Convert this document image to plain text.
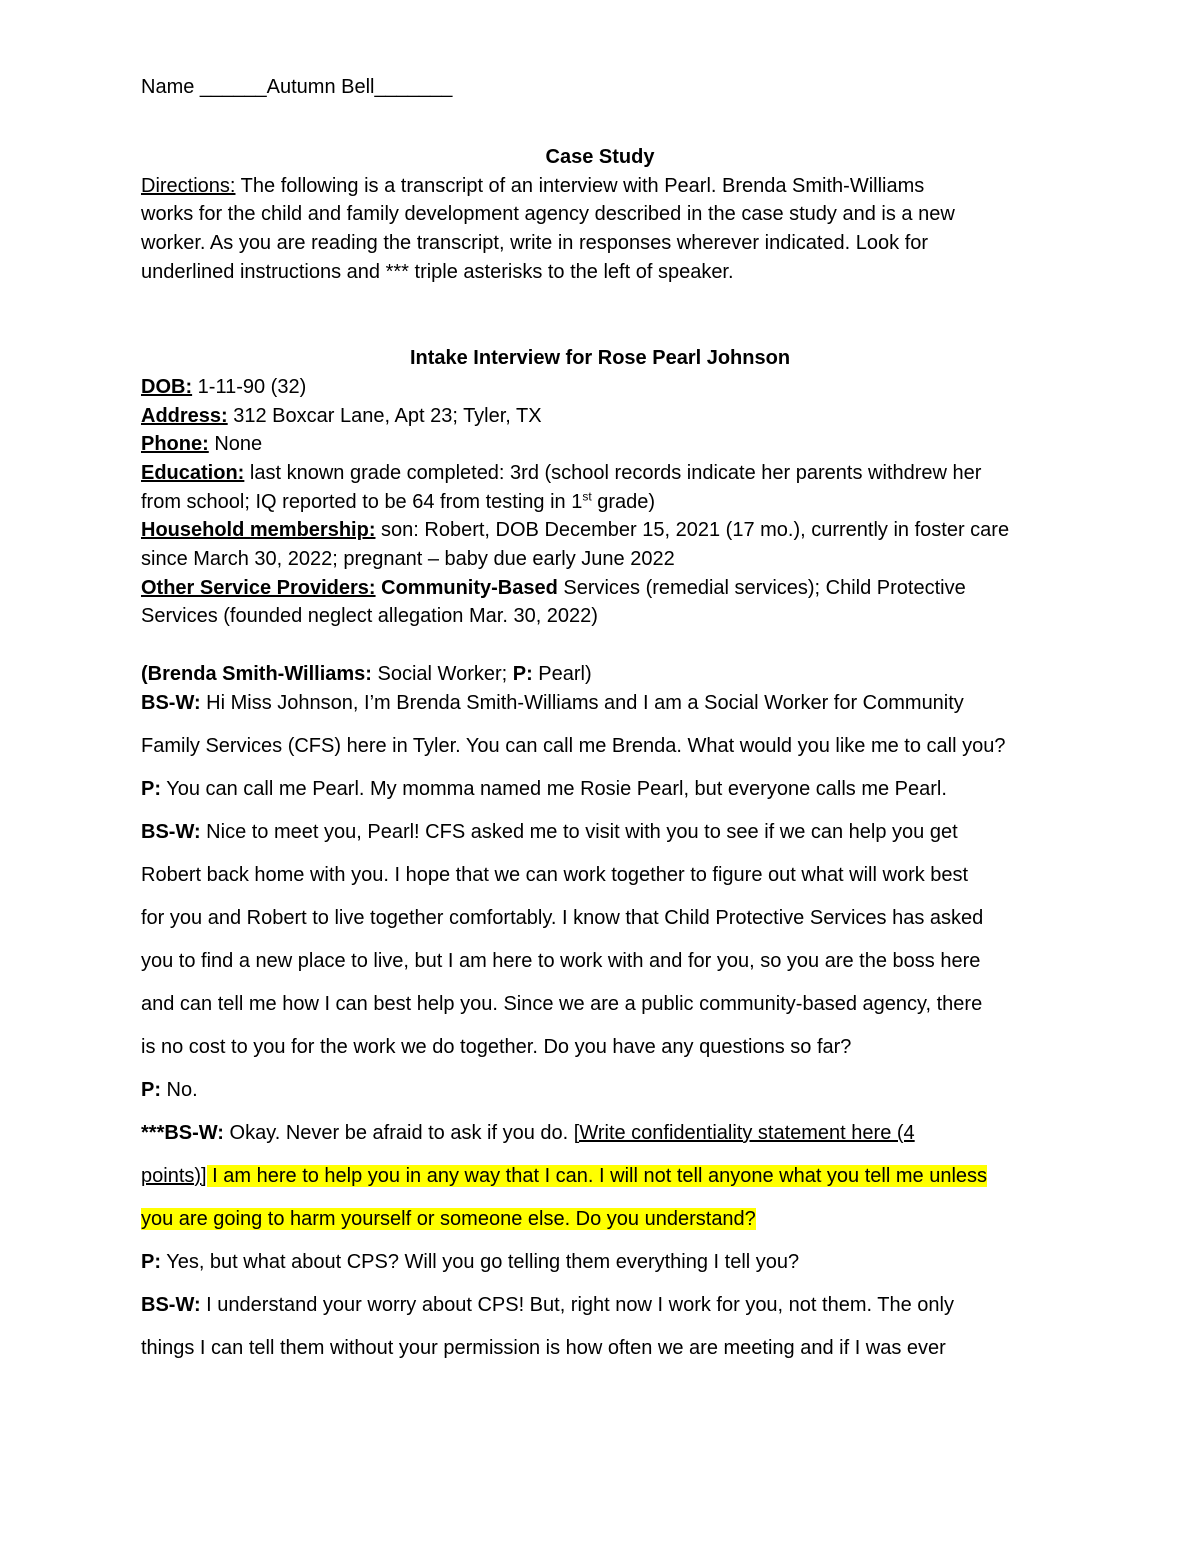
Name ______Autumn Bell_______
Case Study
Directions: The following is a transcript of an interview with Pearl. Brenda Smith-Williams
works for the child and family development agency described in the case study and is a new
worker. As you are reading the transcript, write in responses wherever indicated. Look for
underlined instructions and *** triple asterisks to the left of speaker.
Intake Interview for Rose Pearl Johnson
DOB: 1-11-90 (32)
Address: 312 Boxcar Lane, Apt 23; Tyler, TX
Phone: None
Education: last known grade completed: 3rd (school records indicate her parents withdrew her
from school; IQ reported to be 64 from testing in 1st grade)
Household membership: son: Robert, DOB December 15, 2021 (17 mo.), currently in foster care
since March 30, 2022; pregnant – baby due early June 2022
Other Service Providers: Community-Based Services (remedial services); Child Protective
Services (founded neglect allegation Mar. 30, 2022)
(Brenda Smith-Williams: Social Worker; P: Pearl)
BS-W: Hi Miss Johnson, I’m Brenda Smith-Williams and I am a Social Worker for Community
Family Services (CFS) here in Tyler. You can call me Brenda. What would you like me to call you?
P: You can call me Pearl. My momma named me Rosie Pearl, but everyone calls me Pearl.
BS-W: Nice to meet you, Pearl! CFS asked me to visit with you to see if we can help you get
Robert back home with you. I hope that we can work together to figure out what will work best
for you and Robert to live together comfortably. I know that Child Protective Services has asked
you to find a new place to live, but I am here to work with and for you, so you are the boss here
and can tell me how I can best help you. Since we are a public community-based agency, there
is no cost to you for the work we do together. Do you have any questions so far?
P: No.
***BS-W: Okay. Never be afraid to ask if you do. [Write confidentiality statement here (4
points)] I am here to help you in any way that I can. I will not tell anyone what you tell me unless
you are going to harm yourself or someone else. Do you understand?
P: Yes, but what about CPS? Will you go telling them everything I tell you?
BS-W: I understand your worry about CPS! But, right now I work for you, not them. The only
things I can tell them without your permission is how often we are meeting and if I was ever
